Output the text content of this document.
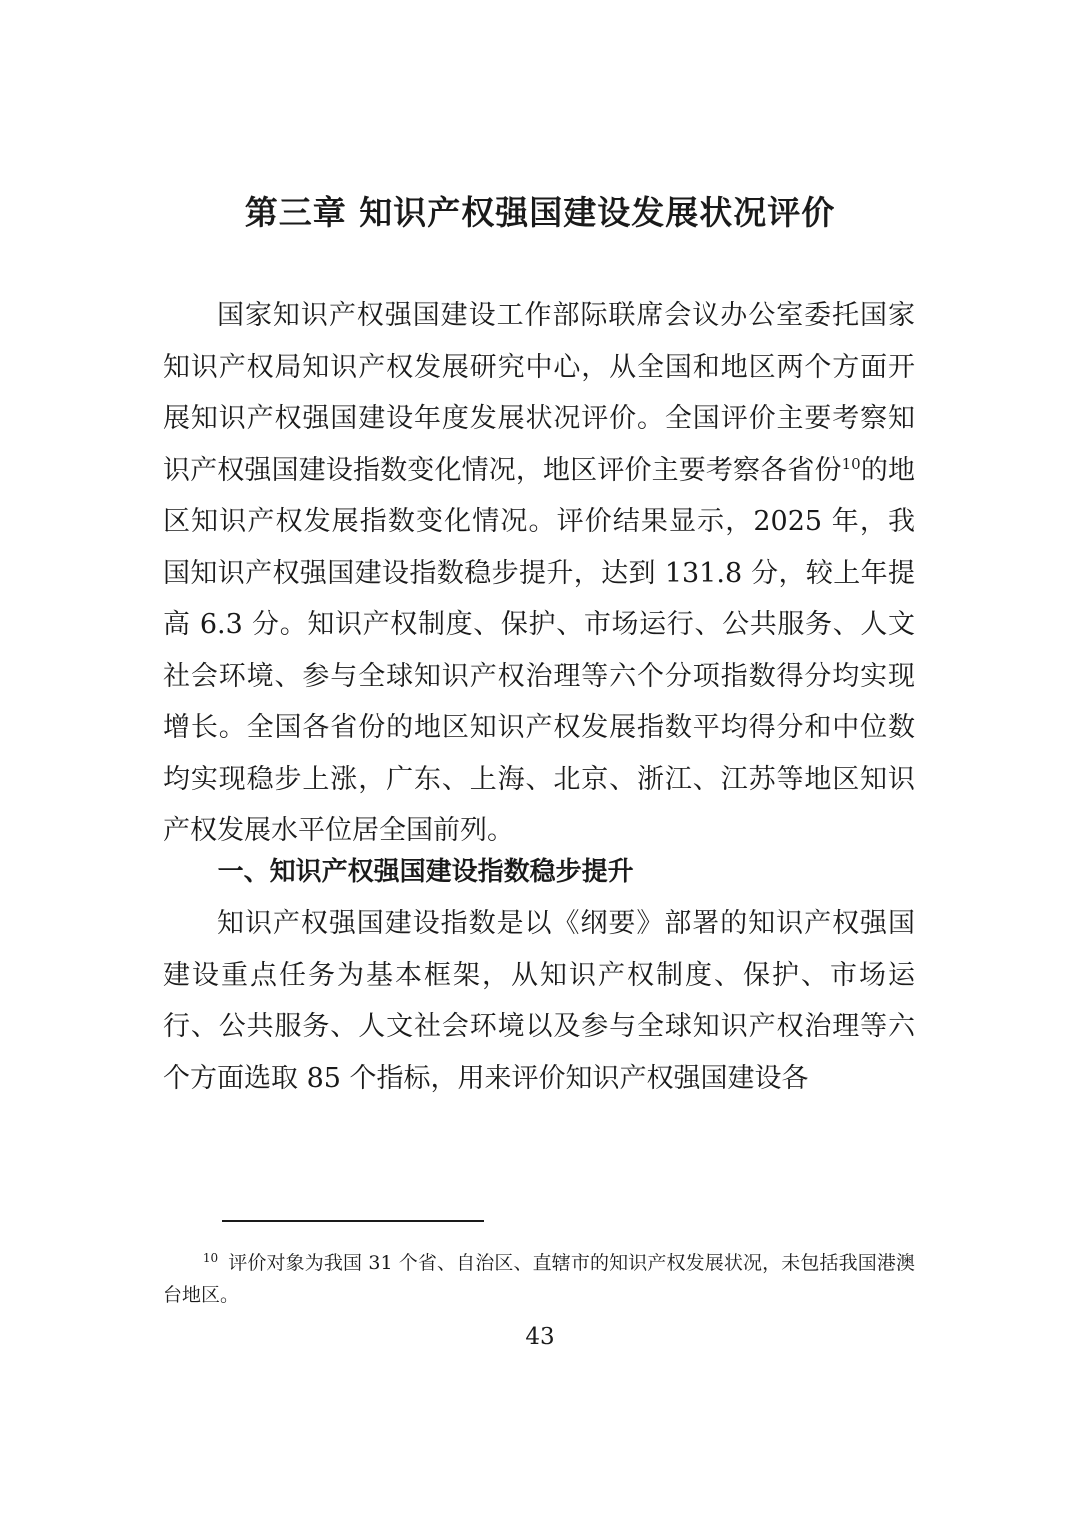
第三章 知识产权强国建设发展状况评价

国家知识产权强国建设工作部际联席会议办公室委托国家知识产权局知识产权发展研究中心，从全国和地区两个方面开展知识产权强国建设年度发展状况评价。全国评价主要考察知识产权强国建设指数变化情况，地区评价主要考察各省份$^{10}$的地区知识产权发展指数变化情况。评价结果显示，2025 年，我国知识产权强国建设指数稳步提升，达到 131.8 分，较上年提高 6.3 分。知识产权制度、保护、市场运行、公共服务、人文社会环境、参与全球知识产权治理等六个分项指数得分均实现增长。全国各省份的地区知识产权发展指数平均得分和中位数均实现稳步上涨，广东、上海、北京、浙江、江苏等地区知识产权发展水平位居全国前列。

一、知识产权强国建设指数稳步提升

知识产权强国建设指数是以《纲要》部署的知识产权强国建设重点任务为基本框架，从知识产权制度、保护、市场运行、公共服务、人文社会环境以及参与全球知识产权治理等六个方面选取 85 个指标，用来评价知识产权强国建设各

$^{10}$ 评价对象为我国 31 个省、自治区、直辖市的知识产权发展状况，未包括我国港澳台地区。

43
